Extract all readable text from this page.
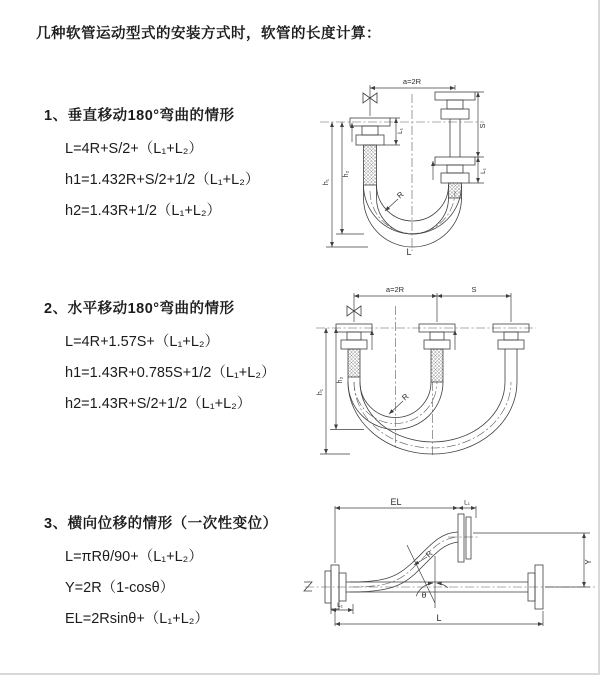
几种软管运动型式的安装方式时，软管的长度计算：

1、垂直移动180°弯曲的情形

L=4R+S/2+（L₁+L₂）

h1=1.432R+S/2+1/2（L₁+L₂）

h2=1.43R+1/2（L₁+L₂）

2、水平移动180°弯曲的情形

L=4R+1.57S+（L₁+L₂）

h1=1.43R+0.785S+1/2（L₁+L₂）

h2=1.43R+S/2+1/2（L₁+L₂）

3、横向位移的情形（一次性变位）

L=πRθ/90+（L₁+L₂）

Y=2R（1-cosθ）

EL=2Rsinθ+（L₁+L₂）

a=2R
L₁
S
L₁
h₁
h₂
R
L
a=2R	S
h₁
h₂
R
EL	L₁
Y
θ
R
L
L₁
